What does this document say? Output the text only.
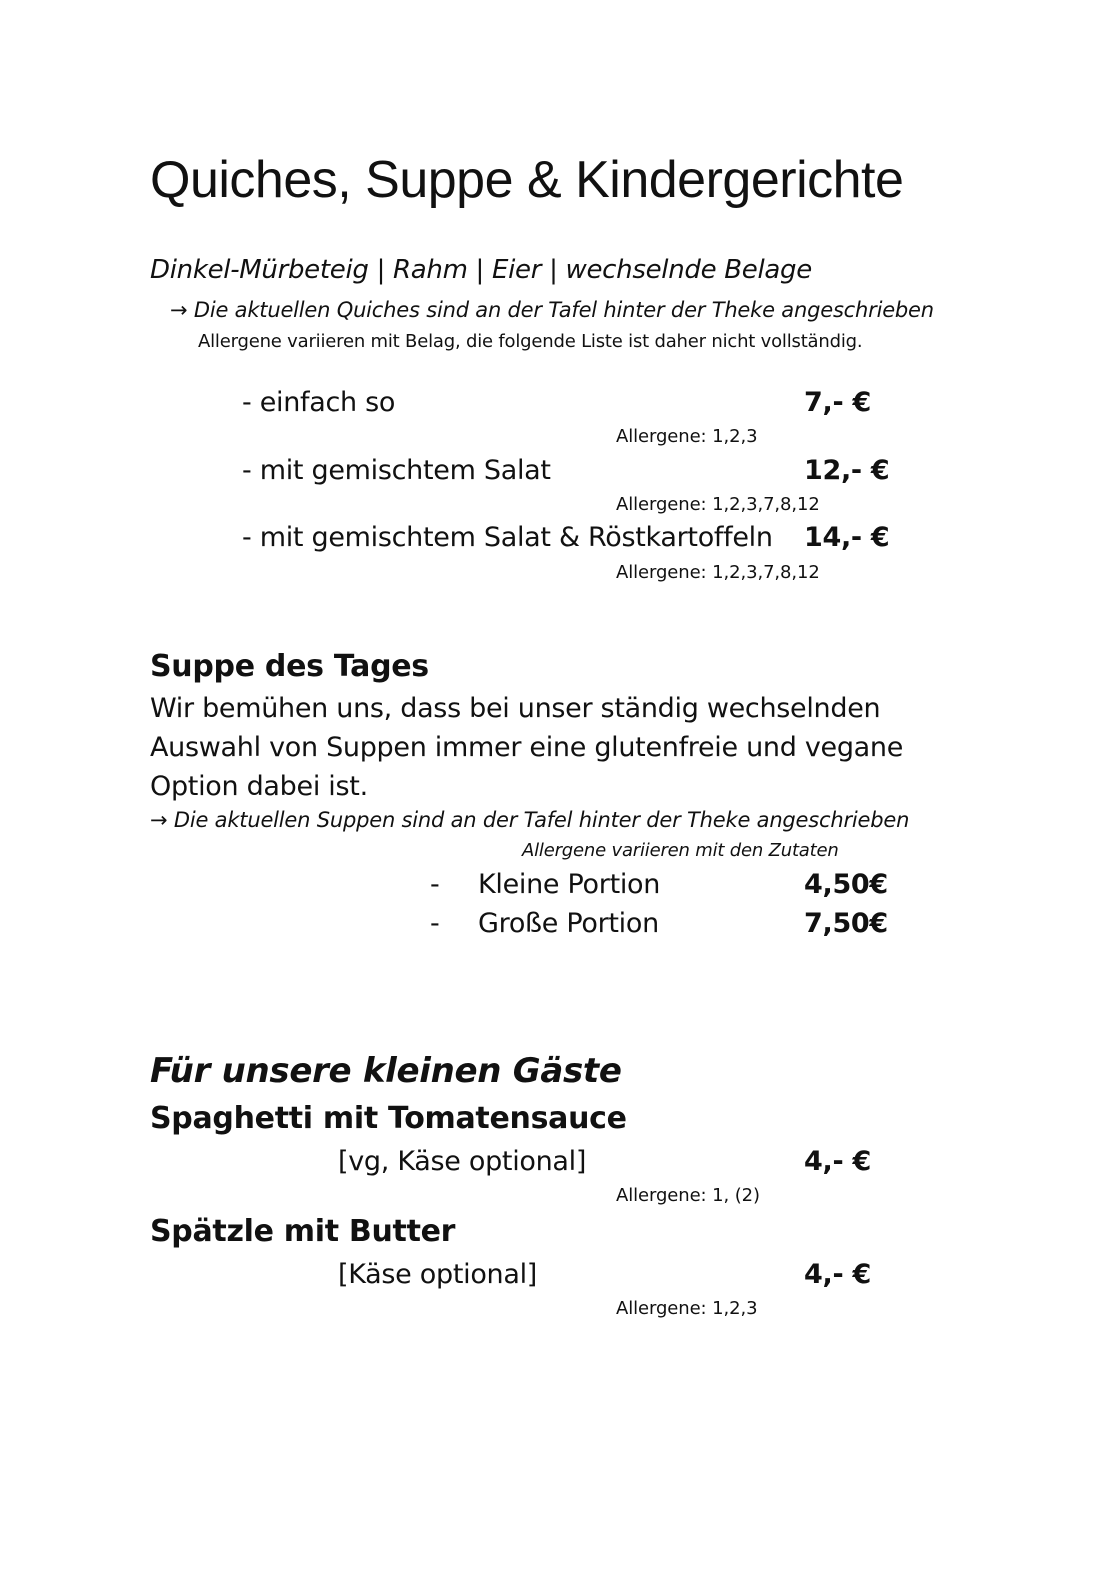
Quiches, Suppe & Kindergerichte
Dinkel-Mürbeteig | Rahm | Eier | wechselnde Belage
→ Die aktuellen Quiches sind an der Tafel hinter der Theke angeschrieben
Allergene variieren mit Belag, die folgende Liste ist daher nicht vollständig.
- einfach so	7,- €
Allergene: 1,2,3
- mit gemischtem Salat	12,- €
Allergene: 1,2,3,7,8,12
- mit gemischtem Salat & Röstkartoffeln 14,- €
Allergene: 1,2,3,7,8,12
Suppe des Tages
Wir bemühen uns, dass bei unser ständig wechselnden
Auswahl von Suppen immer eine glutenfreie und vegane
Option dabei ist.
→ Die aktuellen Suppen sind an der Tafel hinter der Theke angeschrieben
Allergene variieren mit den Zutaten
- Kleine Portion	4,50€
- Große Portion	7,50€
Für unsere kleinen Gäste
Spaghetti mit Tomatensauce
[vg, Käse optional]	4,- €
Allergene: 1, (2)
Spätzle mit Butter
[Käse optional]	4,- €
Allergene: 1,2,3
